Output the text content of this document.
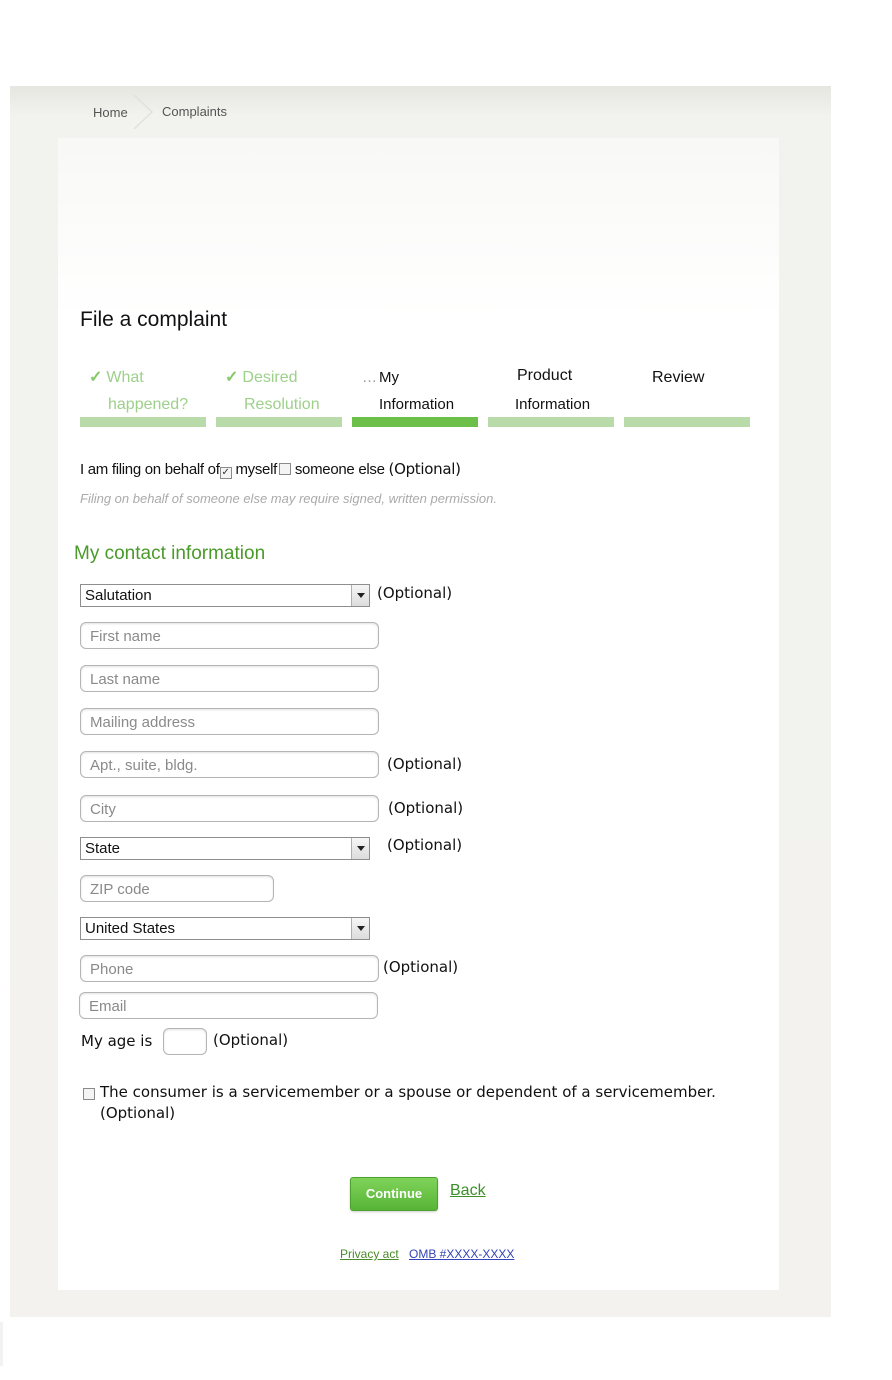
Home	Complaints
File a complaint
✓ What
happened?
✓ Desired
Resolution
… My
Information
Product
Information
Review
I am filing on behalf of ✓ myself someone else (Optional)
Filing on behalf of someone else may require signed, written permission.
My contact information
Salutation	(Optional)
First name
Last name
Mailing address
Apt., suite, bldg.	(Optional)
City	(Optional)
State	(Optional)
ZIP code
United States
Phone	(Optional)
Email
My age is	(Optional)
The consumer is a servicemember or a spouse or dependent of a servicemember.
(Optional)
Continue	Back
Privacy act OMB #XXXX-XXXX
